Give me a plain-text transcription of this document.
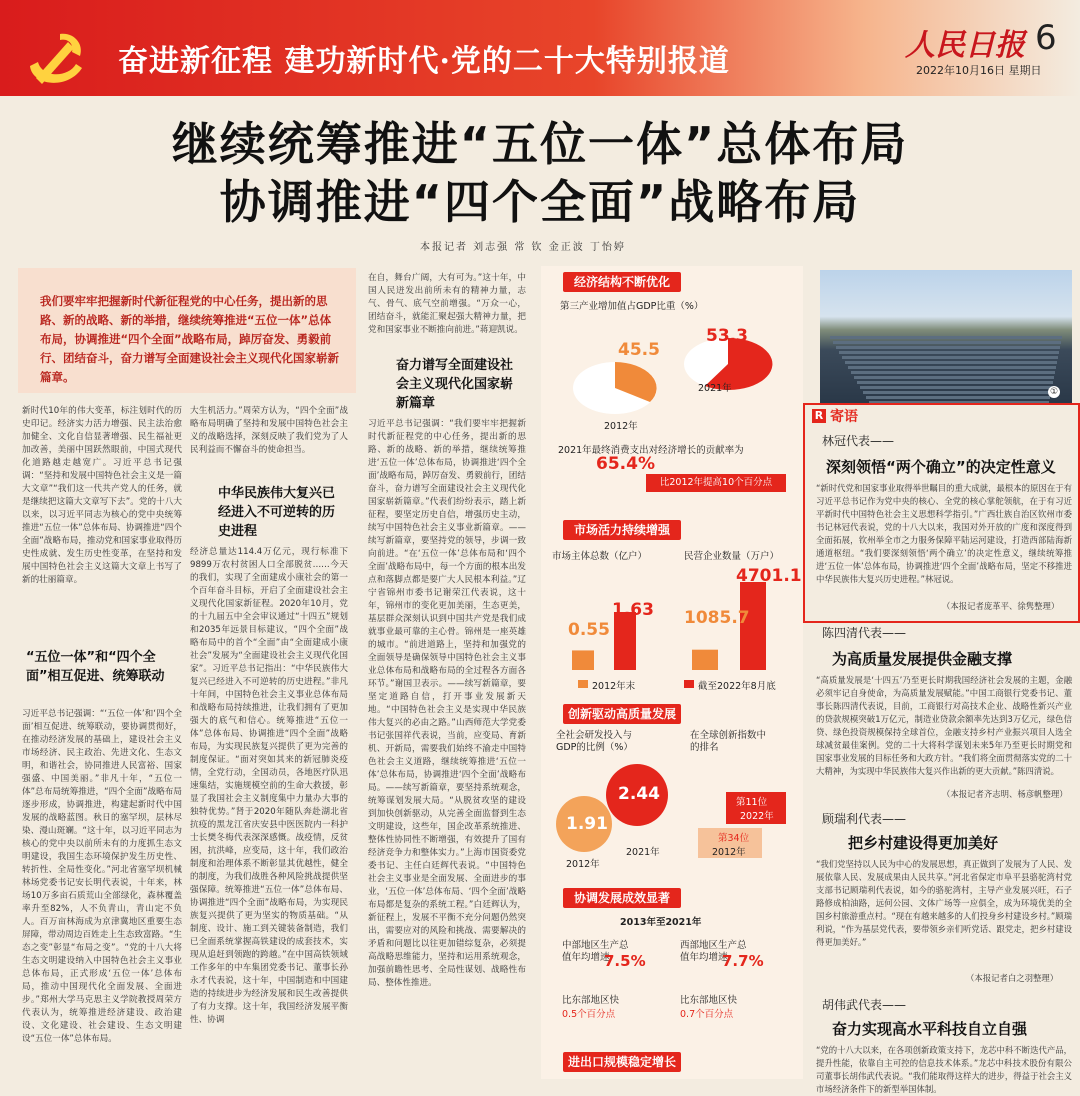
奋进新征程 建功新时代·党的二十大特别报道	人民日报 6
2022年10月16日 星期日
继续统筹推进“五位一体”总体布局
协调推进“四个全面”战略布局
本报记者 刘志强 常 钦 金正波 丁怡婷
我们要牢牢把握新时代新征程党的中心任务，提出新的思路、新的战略、新的举措，继续统筹推进“五位一体”总体布局，协调推进“四个全面”战略布局，踔厉奋发、勇毅前行、团结奋斗，奋力谱写全面建设社会主义现代化国家崭新篇章。
新时代10年的伟大变革，标注划时代的历史印记。经济实力活力增强、民主法治愈加健全、文化自信显著增强、民生福祉更加改善，美丽中国跃然眼前，中国式现代化道路越走越宽广。习近平总书记强调：“坚持和发展中国特色社会主义是一篇大文章”“我们这一代共产党人的任务，就是继续把这篇大文章写下去”。党的十八大以来，以习近平同志为核心的党中央统筹推进“五位一体”总体布局、协调推进“四个全面”战略布局，推动党和国家事业取得历史性成就、发生历史性变革，在坚持和发展中国特色社会主义这篇大文章上书写了新的壮丽篇章。
“五位一体”和“四个全面”相互促进、统筹联动
习近平总书记强调：“‘五位一体’和‘四个全面’相互促进、统筹联动，要协调贯彻好，在推动经济发展的基础上，建设社会主义市场经济、民主政治、先进文化、生态文明，和谐社会，协同推进人民富裕、国家强盛、中国美丽。”非凡十年，“五位一体”总布局统筹推进，“四个全面”战略布局逐步形成，协调推进，构建起新时代中国发展的战略蓝图。秋日的塞罕坝，层林尽染、漫山斑斓。“这十年，以习近平同志为核心的党中央以前所未有的力度抓生态文明建设，我国生态环境保护发生历史性、转折性、全局性变化。”河北省塞罕坝机械林场党委书记安长明代表说，十年来，林场10万多亩石质荒山全部绿化，森林覆盖率升至82%，人不负青山，青山定不负人。百万亩林海成为京津冀地区重要生态屏障，带动周边百姓走上生态致富路。“生态之变”彰显“布局之变”。“党的十八大将生态文明建设纳入中国特色社会主义事业总体布局，正式形成‘五位一体’总体布局，推动中国现代化全面发展、全面进步。”郑州大学马克思主义学院教授周荣方代表认为，统筹推进经济建设、政治建设、文化建设、社会建设、生态文明建设“五位一体”总体布局。
大生机活力。”周荣方认为，“四个全面”战略布局明确了坚持和发展中国特色社会主义的战略选择，深刻反映了我们党为了人民利益而不懈奋斗的使命担当。
中华民族伟大复兴已经进入不可逆转的历史进程
经济总量达114.4万亿元，现行标准下9899万农村贫困人口全部脱贫……今天的我们，实现了全面建成小康社会的第一个百年奋斗目标，开启了全面建设社会主义现代化国家新征程。2020年10月，党的十九届五中全会审议通过“十四五”规划和2035年远景目标建议，“四个全面”战略布局中的首个“全面”由“全面建成小康社会”发展为“全面建设社会主义现代化国家”。习近平总书记指出：“中华民族伟大复兴已经进入不可逆转的历史进程。”非凡十年间，中国特色社会主义事业总体布局和战略布局持续推进，让我们拥有了更加强大的底气和信心。统筹推进“五位一体”总体布局、协调推进“四个全面”战略布局，为实现民族复兴提供了更为完善的制度保证。“面对突如其来的新冠肺炎疫情，全党行动，全国动员，各地医疗队迅速集结，实施规模空前的生命大救援，彰显了我国社会主义制度集中力量办大事的独特优势。”肾于2020年随队奔赴湖北省抗疫的黑龙江省庆安县中医医院内一科护士长樊冬梅代表深深感慨。战疫情，反贫困，抗洪峰，应变局，这十年，我们政治制度和治理体系不断彰显其优越性，健全的制度，为我们战胜各种风险挑战提供坚强保障。统筹推进“五位一体”总体布局、协调推进“四个全面”战略布局，为实现民族复兴提供了更为坚实的物质基础。“从制度、设计、施工到关键装备制造，我们已全面系统掌握高铁建设的成套技术，实现从追赶到领跑的跨越。”在中国高铁领域工作多年的中车集团党委书记、董事长孙永才代表说，这十年，中国制造和中国建造的持续进步为经济发展和民生改善提供了有力支撑。这十年，我国经济发展平衡性、协调
在自，舞台广阔，大有可为。”这十年，中国人民迸发出前所未有的精神力量，志气、骨气、底气空前增强。“万众一心，团结奋斗，就能汇聚起强大精神力量，把党和国家事业不断推向前进。”蒋迎凯说。
奋力谱写全面建设社会主义现代化国家崭新篇章
习近平总书记强调：“我们要牢牢把握新时代新征程党的中心任务，提出新的思路、新的战略、新的举措，继续统筹推进‘五位一体’总体布局，协调推进‘四个全面’战略布局，踔厉奋发、勇毅前行，团结奋斗，奋力谱写全面建设社会主义现代化国家崭新篇章。”代表们纷纷表示，踏上新征程，要坚定历史自信，增强历史主动，续写中国特色社会主义事业新篇章。——续写新篇章，要坚持党的领导，步调一致向前进。“在‘五位一体’总体布局和‘四个全面’战略布局中，每一个方面的根本出发点和落脚点都是要广大人民根本利益。”辽宁省锦州市委书记谢荣江代表说，这十年，锦州市的变化更加美丽，生态更美，基层群众深刻认识到中国共产党是我们成就事业最可靠的主心骨。锦州是一座英雄的城市。“前进道路上，坚持和加强党的全面领导是确保领导中国特色社会主义事业总体布局和战略布局的全过程各方面各环节。”谢国卫表示。——续写新篇章，要坚定道路自信，打开事业发展新天地。“中国特色社会主义是实现中华民族伟大复兴的必由之路。”山西师范大学党委书记张国祥代表说，当前，应变局、育新机、开新局，需要我们始终不渝走中国特色社会主义道路，继续统筹推进‘五位一体’总体布局，协调推进‘四个全面’战略布局。——续写新篇章，要坚持系统观念，统筹谋划发展大局。“从脱贫攻坚的建设到加快创新驱动，从完善全面监督到生态文明建设，这些年，国企改革系统推进、整体性协同性不断增强，有效提升了国有经济竞争力和整体实力。”上海市国资委党委书记、主任白廷辉代表说。“中国特色社会主义事业是全面发展、全面进步的事业，‘五位一体’总体布局、‘四个全面’战略布局都是复杂的系统工程。”白廷辉认为，新征程上，发展不平衡不充分问题仍然突出，需要应对的风险和挑战、需要解决的矛盾和问题比以往更加错综复杂，必须提高战略思维能力，坚持和运用系统观念，加强前瞻性思考、全局性谋划、战略性布局、整体性推进。
经济结构不断优化
第三产业增加值占GDP比重（%）
45.5
53.3
2012年
2021年
2021年最终消费支出对经济增长的贡献率为
65.4%
比2012年提高10个百分点
市场活力持续增强
市场主体总数（亿户）	民营企业数量（万户）
0.55
1.63 1085.7
4701.1
2012年末	截至2022年8月底
创新驱动高质量发展
全社会研发投入与GDP的比例（%）
在全球创新指数中的排名
1.91
2.44
2012年
2021年
第11位
2022年
第34位
2012年
协调发展成效显著
2013年至2021年
中部地区生产总值年均增速
7.5%
西部地区生产总值年均增速
7.7%
比东部地区快
0.5个百分点
比东部地区快
0.7个百分点
进出口规模稳定增长
①
R 寄语
林冠代表——
深刻领悟“两个确立”的决定性意义
“新时代党和国家事业取得举世瞩目的重大成就，最根本的原因在于有习近平总书记作为党中央的核心、全党的核心掌舵领航，在于有习近平新时代中国特色社会主义思想科学指引。”广西壮族自治区钦州市委书记林冠代表说，党的十八大以来，我国对外开放的广度和深度得到全面拓展，钦州举全市之力服务保障平陆运河建设，打造西部陆海新通道枢纽。“我们要深刻领悟‘两个确立’的决定性意义，继续统筹推进‘五位一体’总体布局，协调推进‘四个全面’战略布局，坚定不移推进中华民族伟大复兴历史进程。”林冠说。
（本报记者庞革平、徐隽整理）
陈四清代表——
为高质量发展提供金融支撑
“高质量发展是‘十四五’乃至更长时期我国经济社会发展的主题，金融必须牢记自身使命，为高质量发展赋能。”中国工商银行党委书记、董事长陈四清代表说，目前，工商银行对高技术企业、战略性新兴产业的贷款规模突破1万亿元，制造业贷款余额率先达到3万亿元，绿色信贷、绿色投资规模保持全球首位，金融支持乡村产业振兴项目人选全球减贫最佳案例。党的二十大将科学谋划未来5年乃至更长时期党和国家事业发展的目标任务和大政方针。“我们将全面贯彻落实党的二十大精神，为实现中华民族伟大复兴作出新的更大贡献。”陈四清说。
（本报记者齐志明、杨彦帆整理）
顾瑞利代表——
把乡村建设得更加美好
“我们党坚持以人民为中心的发展思想，真正做到了发展为了人民、发展依靠人民、发展成果由人民共享。”河北省保定市阜平县骆驼湾村党支部书记顾瑞利代表说，如今的骆驼湾村，主导产业发展兴旺，石子路修成柏油路，远何公园、文体广场等一应俱全，成为环境优美的全国乡村旅游重点村。“现在有越来越多的人们投身乡村建设乡村。”顾瑞利说，“作为基层党代表，要带领乡亲们听党话、跟党走，把乡村建设得更加美好。”
（本报记者白之羽整理）
胡伟武代表——
奋力实现高水平科技自立自强
“党的十八大以来，在各项创新政策支持下，龙芯中科不断迭代产品，提升性能，依靠自主可控的信息技术体系。”龙芯中科技术股份有限公司董事长胡伟武代表说。“我们能取得这样大的进步，得益于社会主义市场经济条件下的新型举国体制。
